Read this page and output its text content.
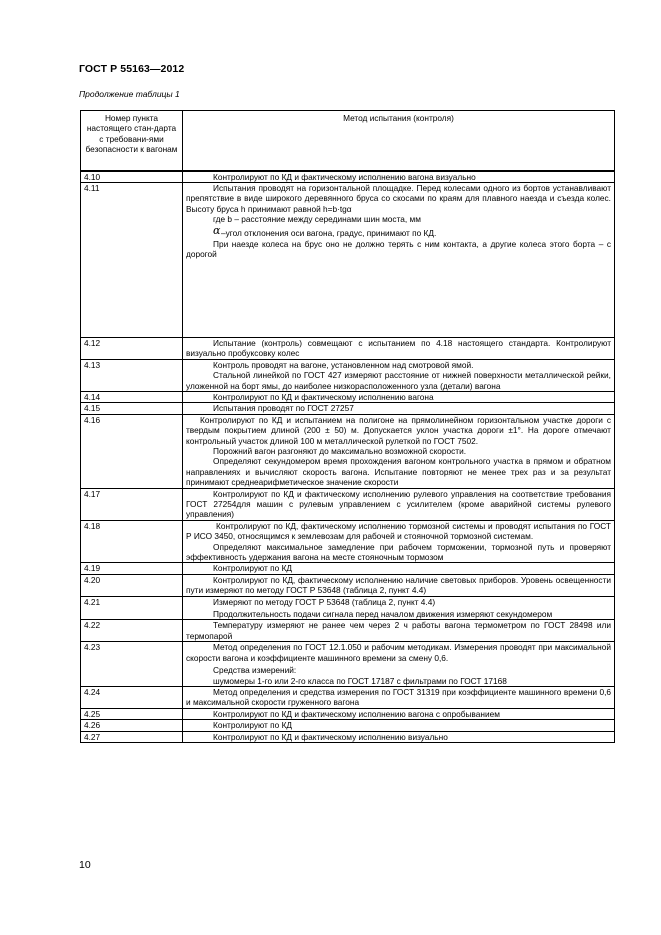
ГОСТ Р 55163—2012
Продолжение таблицы 1
Номер пункта настоящего стан-дарта с требовани-ями безопасности к вагонам	Метод испытания (контроля)
4.10	Контролируют по КД и фактическому исполнению вагона визуально

4.11	Испытания проводят на горизонтальной площадке. Перед колесами одного из бортов устанавливают препятствие в виде широкого деревянного бруса со скосами по краям для плавного наезда и съезда колес. Высоту бруса h принимают равной h=b·tgα
где b – расстояние между серединами шин моста, мм
α –угол отклонения оси вагона, градус, принимают по КД.
При наезде колеса на брус оно не должно терять с ним контакта, а другие колеса этого борта – с дорогой

4.12	Испытание (контроль) совмещают с испытанием по 4.18 настоящего стандарта. Контролируют визуально пробуксовку колес

4.13	Контроль проводят на вагоне, установленном над смотровой ямой.
Стальной линейкой по ГОСТ 427 измеряют расстояние от нижней поверхности металлической рейки, уложенной на борт ямы, до наиболее низкорасположенного узла (детали) вагона

4.14	Контролируют по КД и фактическому исполнению вагона

4.15	Испытания проводят по ГОСТ 27257

4.16	Контролируют по КД и испытанием на полигоне на прямолинейном горизонтальном участке дороги с твердым покрытием длиной (200 ± 50) м. Допускается уклон участка дороги ±1°. На дороге отмечают контрольный участок длиной 100 м металлической рулеткой по ГОСТ 7502.
Порожний вагон разгоняют до максимально возможной скорости.
Определяют секундомером время прохождения вагоном контрольного участка в прямом и обратном направлениях и вычисляют скорость вагона. Испытание повторяют не менее трех раз и за результат принимают среднеарифметическое значение скорости

4.17	Контролируют по КД и фактическому исполнению рулевого управления на соответствие требования ГОСТ 27254для машин с рулевым управлением с усилителем (кроме аварийной системы рулевого управления)

4.18	Контролируют по КД, фактическому исполнению тормозной системы и проводят испытания по ГОСТ Р ИСО 3450, относящимся к землевозам для рабочей и стояночной тормозной системам.
Определяют максимальное замедление при рабочем торможении, тормозной путь и проверяют эффективность удержания вагона на месте стояночным тормозом

4.19	Контролируют по КД

4.20	Контролируют по КД, фактическому исполнению наличие световых приборов. Уровень освещенности пути измеряют по методу ГОСТ Р 53648 (таблица 2, пункт 4.4)

4.21	Измеряют по методу ГОСТ Р 53648 (таблица 2, пункт 4.4)
Продолжительность подачи сигнала перед началом движения измеряют секундомером

4.22	Температуру измеряют не ранее чем через 2 ч работы вагона термометром по ГОСТ 28498 или термопарой

4.23	Метод определения по ГОСТ 12.1.050 и рабочим методикам. Измерения проводят при максимальной скорости вагона и коэффициенте машинного времени за смену 0,6.
Средства измерений:
шумомеры 1-го или 2-го класса по ГОСТ 17187 с фильтрами по ГОСТ 17168

4.24	Метод определения и средства измерения по ГОСТ 31319 при коэффициенте машинного времени 0,6 и максимальной скорости груженного вагона

4.25	Контролируют по КД и фактическому исполнению вагона с опробыванием

4.26	Контролируют по КД

4.27	Контролируют по КД и фактическому исполнению визуально
10
